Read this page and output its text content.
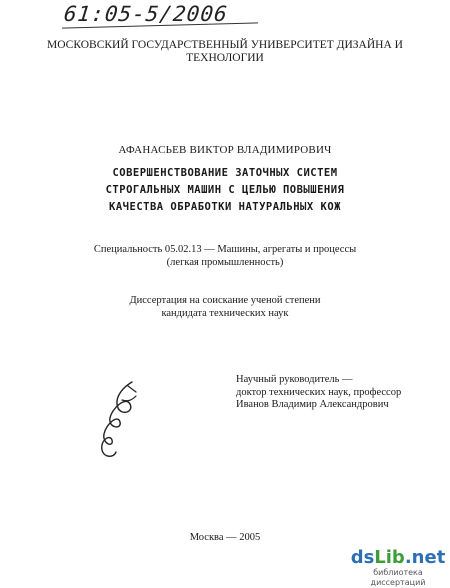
61:05-5/2006
МОСКОВСКИЙ ГОСУДАРСТВЕННЫЙ УНИВЕРСИТЕТ ДИЗАЙНА И
ТЕХНОЛОГИИ
АФАНАСЬЕВ ВИКТОР ВЛАДИМИРОВИЧ
СОВЕРШЕНСТВОВАНИЕ ЗАТОЧНЫХ СИСТЕМ
СТРОГАЛЬНЫХ МАШИН С ЦЕЛЬЮ ПОВЫШЕНИЯ
КАЧЕСТВА ОБРАБОТКИ НАТУРАЛЬНЫХ КОЖ
Специальность 05.02.13 — Машины, агрегаты и процессы
(легкая промышленность)
Диссертация на соискание ученой степени
кандидата технических наук
Научный руководитель —
доктор технических наук, профессор
Иванов Владимир Александрович
Москва — 2005
dsLib.net
библиотека диссертаций
